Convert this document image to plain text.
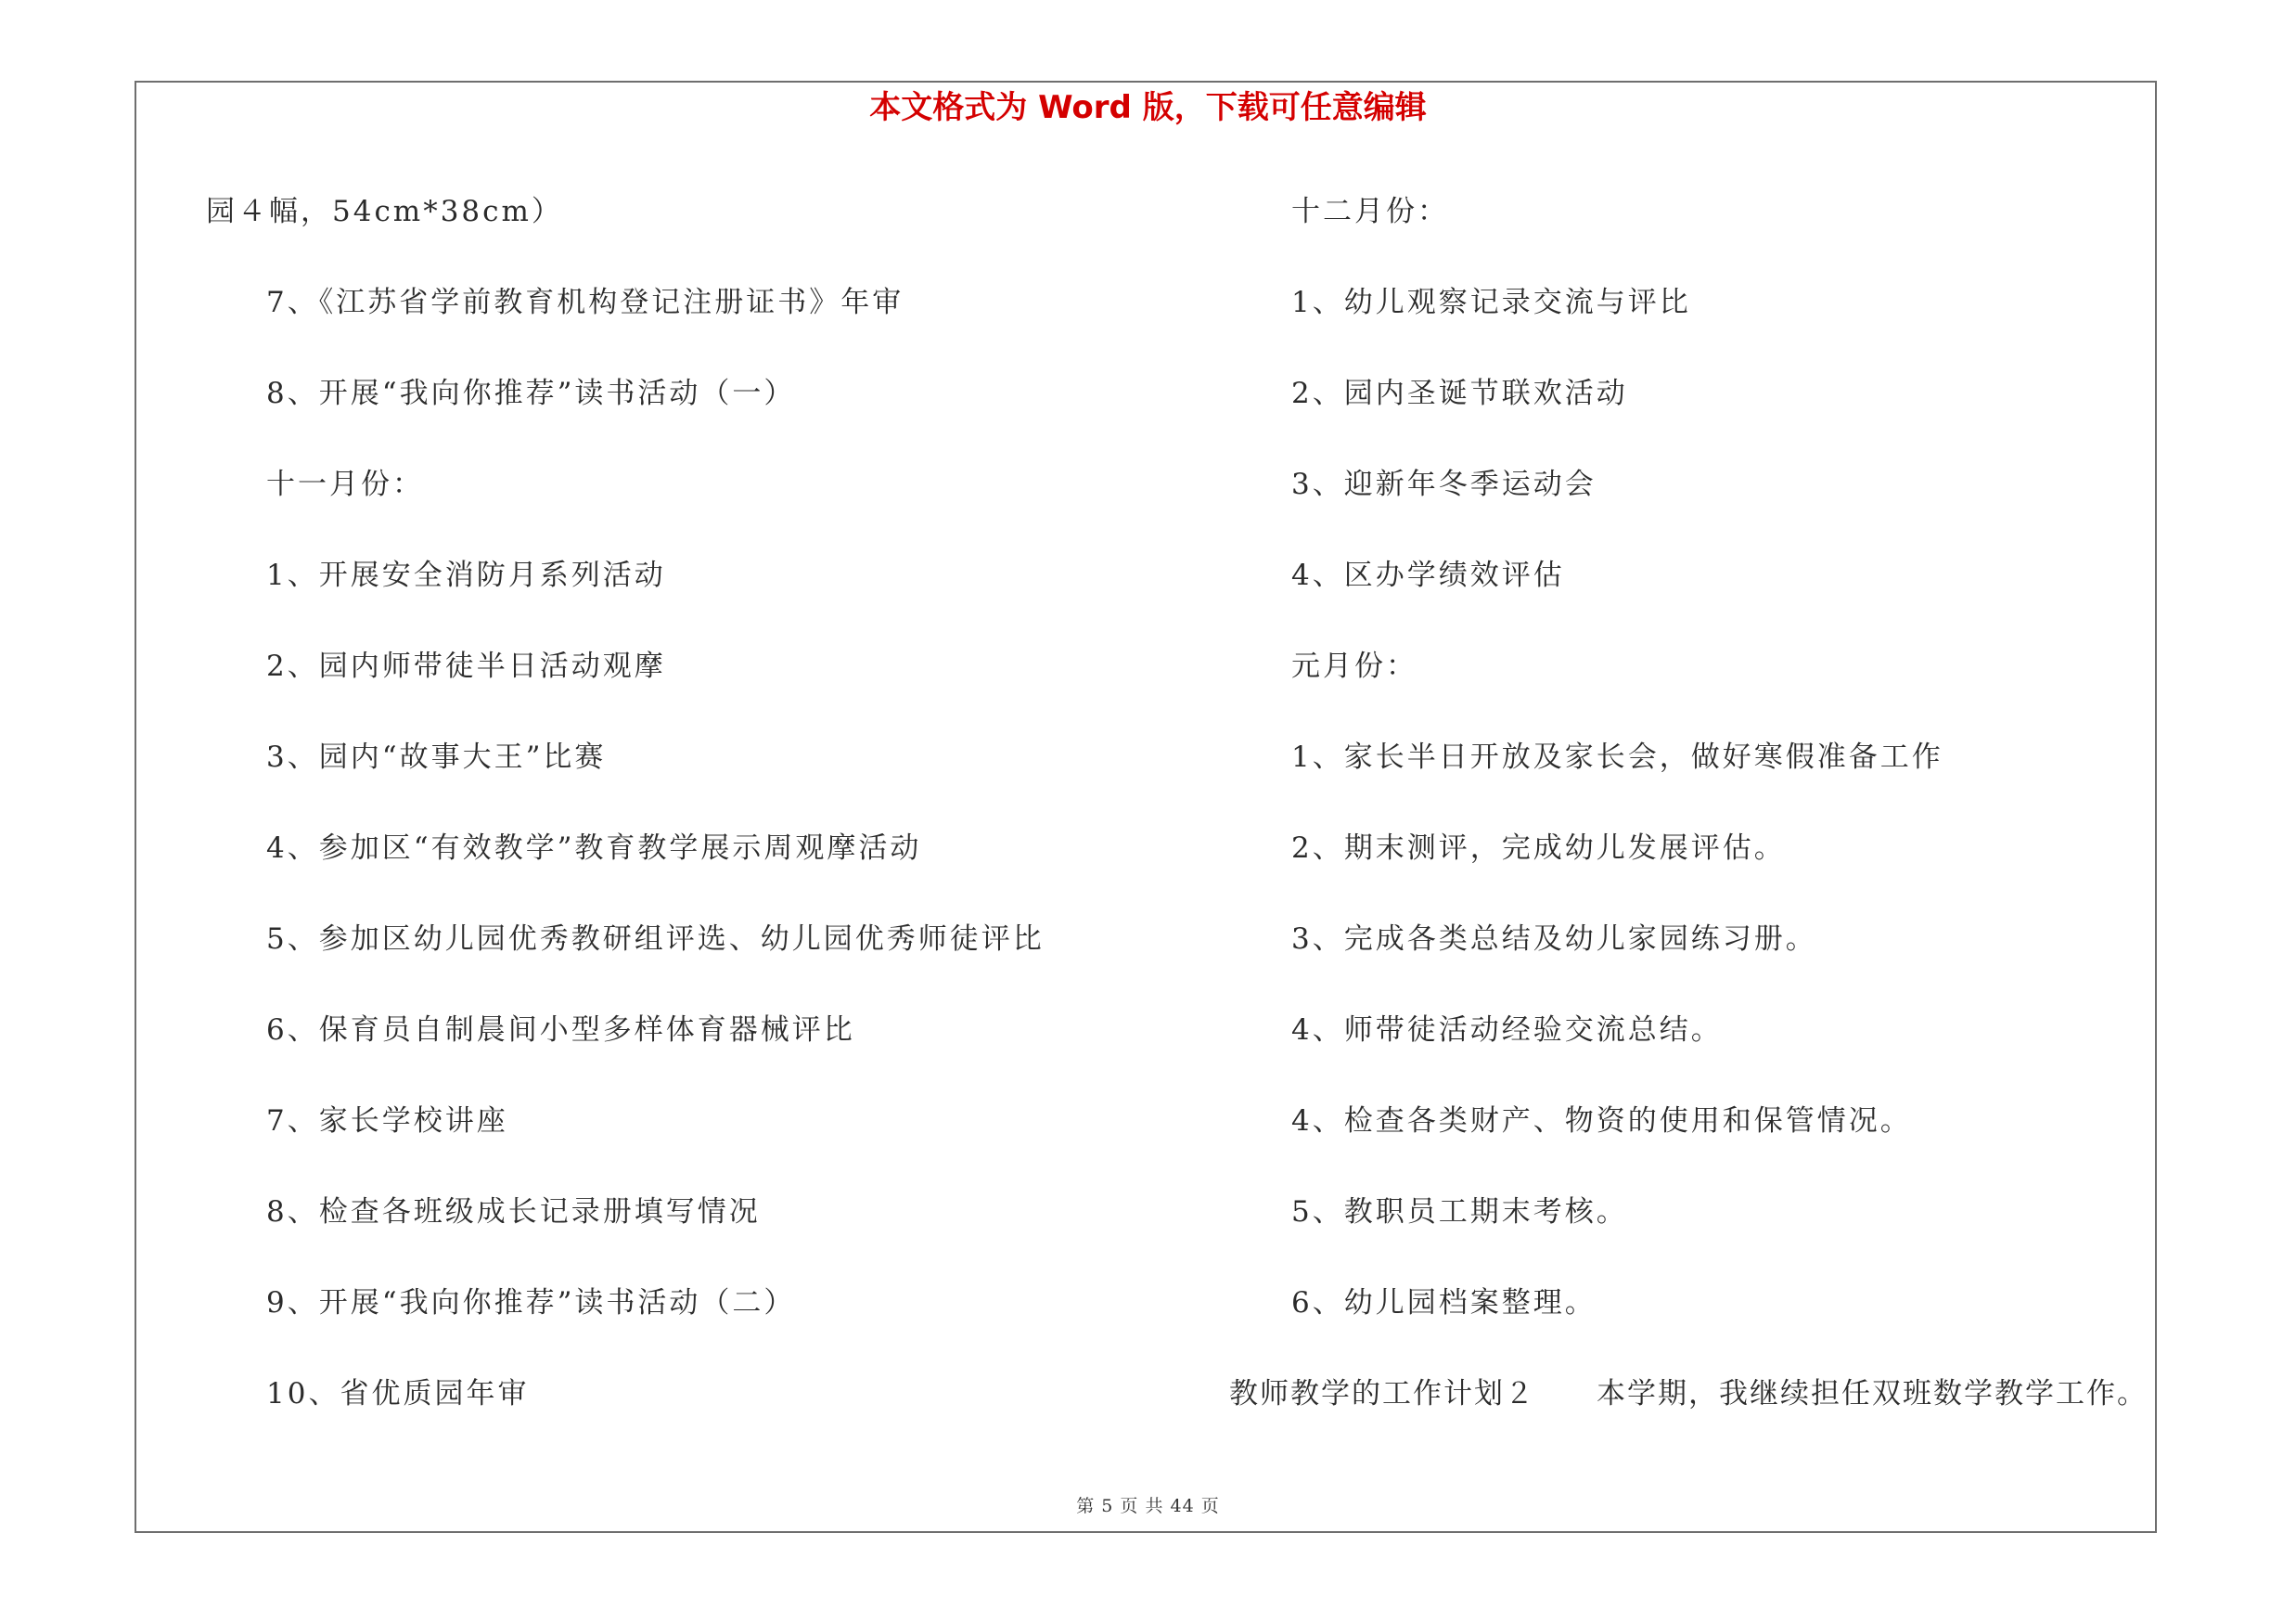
本文格式为 Word 版，下载可任意编辑
园４幅，54cm*38cm）
7、《江苏省学前教育机构登记注册证书》年审
8、开展“我向你推荐”读书活动（一）
十一月份：
1、开展安全消防月系列活动
2、园内师带徒半日活动观摩
3、园内“故事大王”比赛
4、参加区“有效教学”教育教学展示周观摩活动
5、参加区幼儿园优秀教研组评选、幼儿园优秀师徒评比
6、保育员自制晨间小型多样体育器械评比
7、家长学校讲座
8、检查各班级成长记录册填写情况
9、开展“我向你推荐”读书活动（二）
10、省优质园年审
十二月份：
1、幼儿观察记录交流与评比
2、园内圣诞节联欢活动
3、迎新年冬季运动会
4、区办学绩效评估
元月份：
1、家长半日开放及家长会，做好寒假准备工作
2、期末测评，完成幼儿发展评估。
3、完成各类总结及幼儿家园练习册。
4、师带徒活动经验交流总结。
4、检查各类财产、物资的使用和保管情况。
5、教职员工期末考核。
6、幼儿园档案整理。
教师教学的工作计划２　　本学期，我继续担任双班数学教学工作。
第 5 页 共 44 页
